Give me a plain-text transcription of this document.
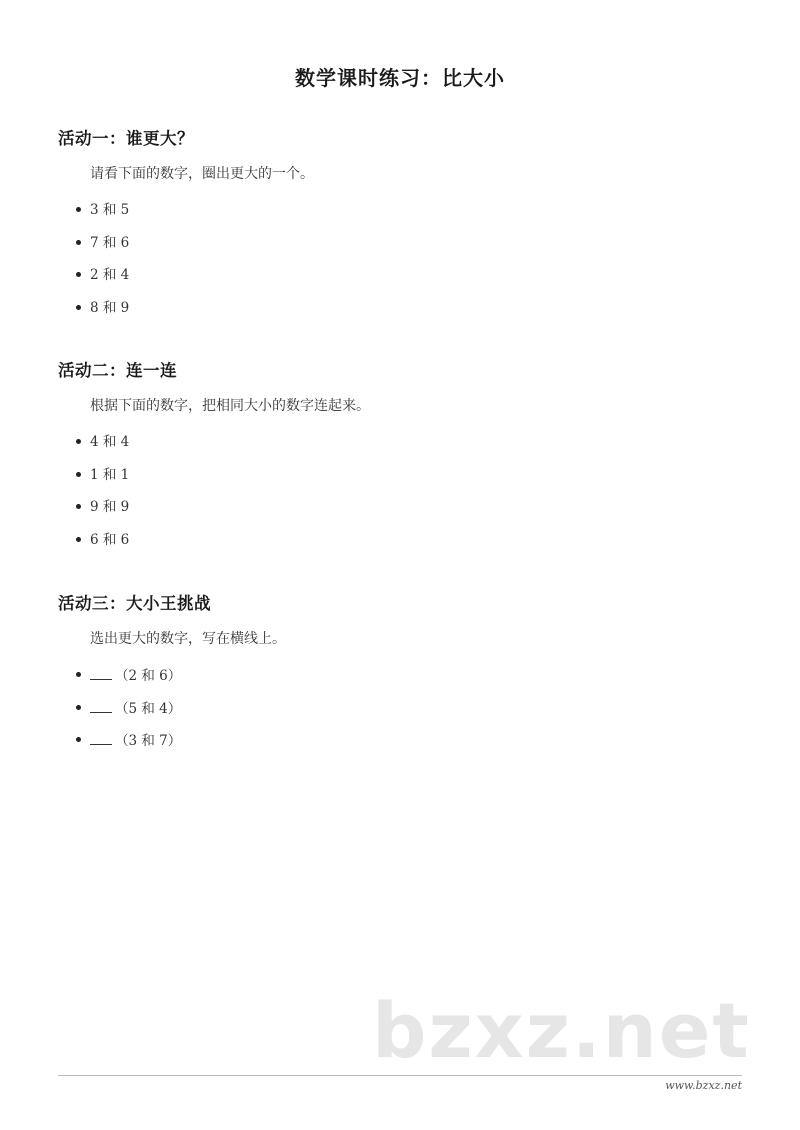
数学课时练习：比大小
活动一：谁更大？

请看下面的数字，圈出更大的一个。

3 和 5
7 和 6
2 和 4
8 和 9
活动二：连一连

根据下面的数字，把相同大小的数字连起来。

4 和 4
1 和 1
9 和 9
6 和 6
活动三：大小王挑战

选出更大的数字，写在横线上。

（2 和 6）
（5 和 4）
（3 和 7）
bzxz.net
www.bzxz.net
